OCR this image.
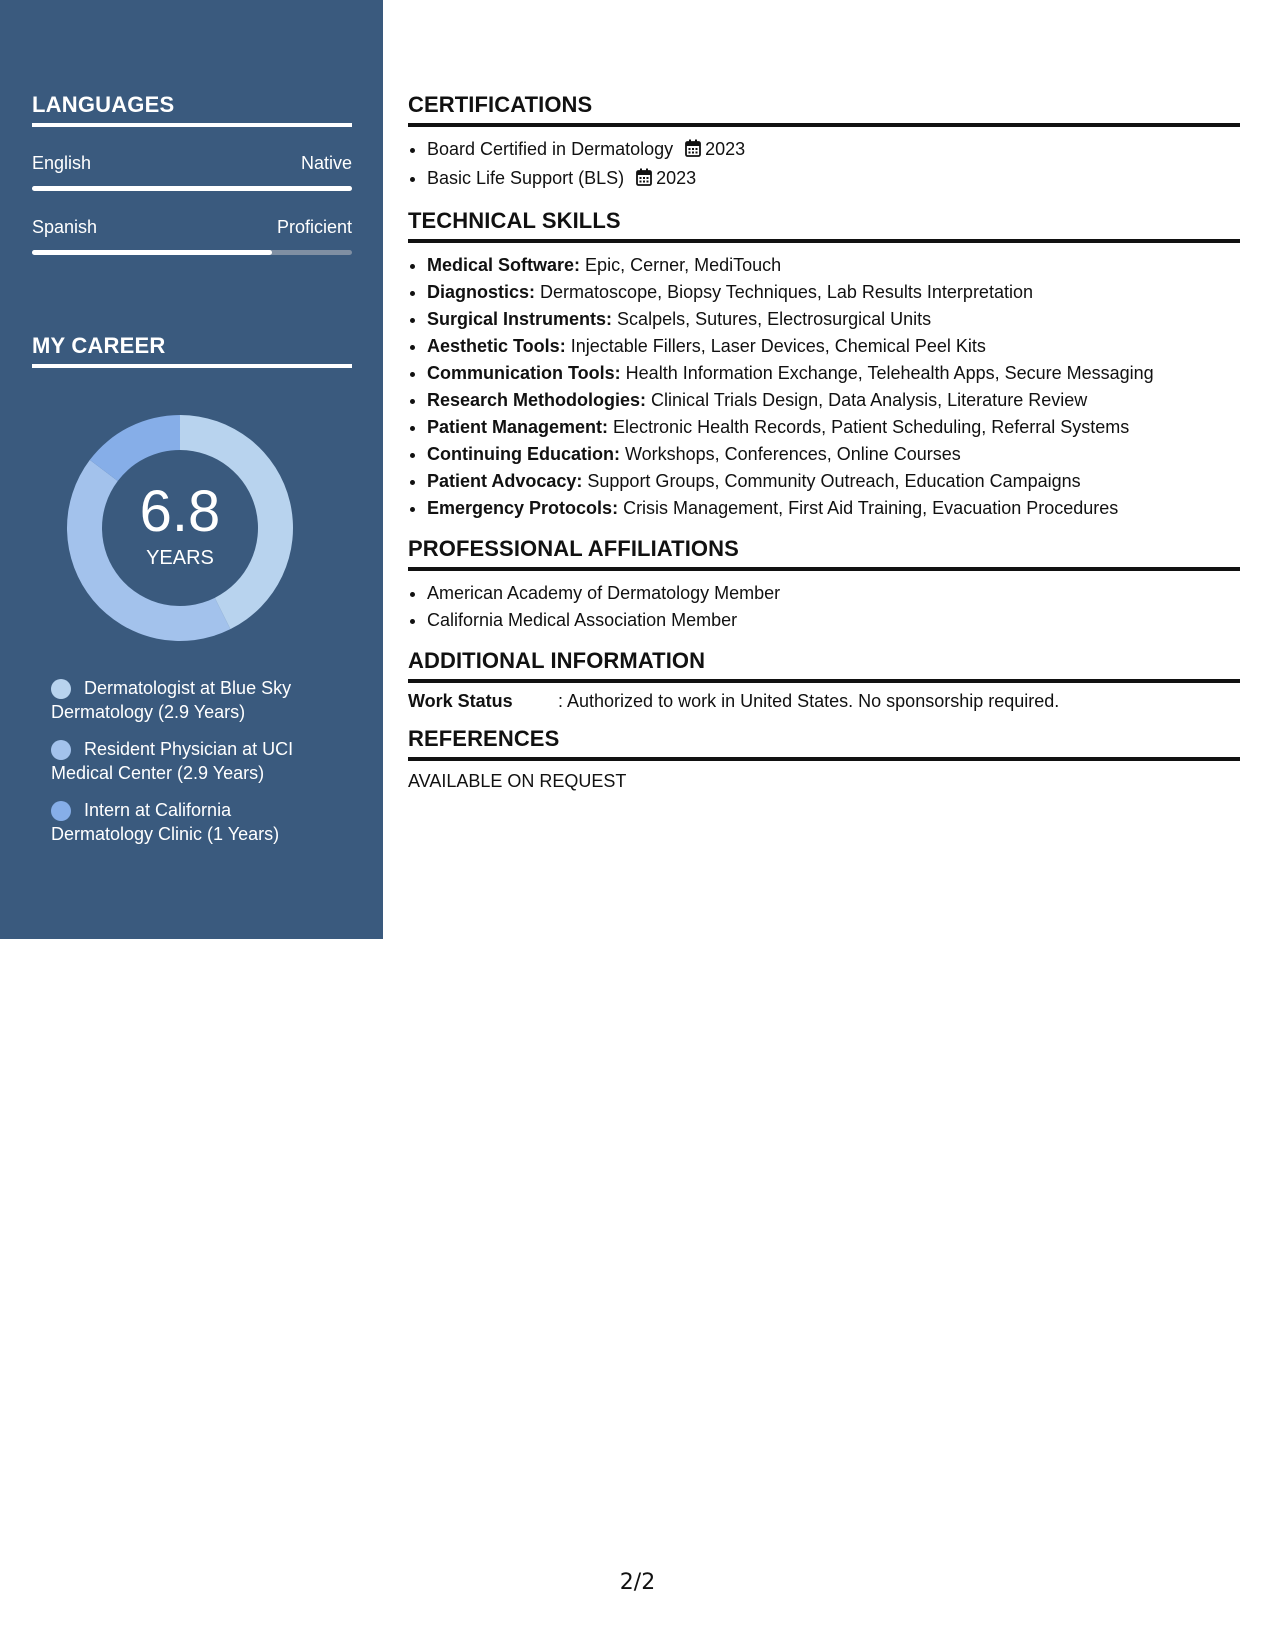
LANGUAGES
English	Native
Spanish	Proficient
MY CAREER
6.8
YEARS
Dermatologist at Blue Sky Dermatology (2.9 Years)
Resident Physician at UCI Medical Center (2.9 Years)
Intern at California Dermatology Clinic (1 Years)
CERTIFICATIONS
• Board Certified in Dermatology 2023
• Basic Life Support (BLS) 2023
TECHNICAL SKILLS
• Medical Software: Epic, Cerner, MediTouch
• Diagnostics: Dermatoscope, Biopsy Techniques, Lab Results Interpretation
• Surgical Instruments: Scalpels, Sutures, Electrosurgical Units
• Aesthetic Tools: Injectable Fillers, Laser Devices, Chemical Peel Kits
• Communication Tools: Health Information Exchange, Telehealth Apps, Secure Messaging
• Research Methodologies: Clinical Trials Design, Data Analysis, Literature Review
• Patient Management: Electronic Health Records, Patient Scheduling, Referral Systems
• Continuing Education: Workshops, Conferences, Online Courses
• Patient Advocacy: Support Groups, Community Outreach, Education Campaigns
• Emergency Protocols: Crisis Management, First Aid Training, Evacuation Procedures
PROFESSIONAL AFFILIATIONS
• American Academy of Dermatology Member
• California Medical Association Member
ADDITIONAL INFORMATION
Work Status	: Authorized to work in United States. No sponsorship required.
REFERENCES
AVAILABLE ON REQUEST
2/2
